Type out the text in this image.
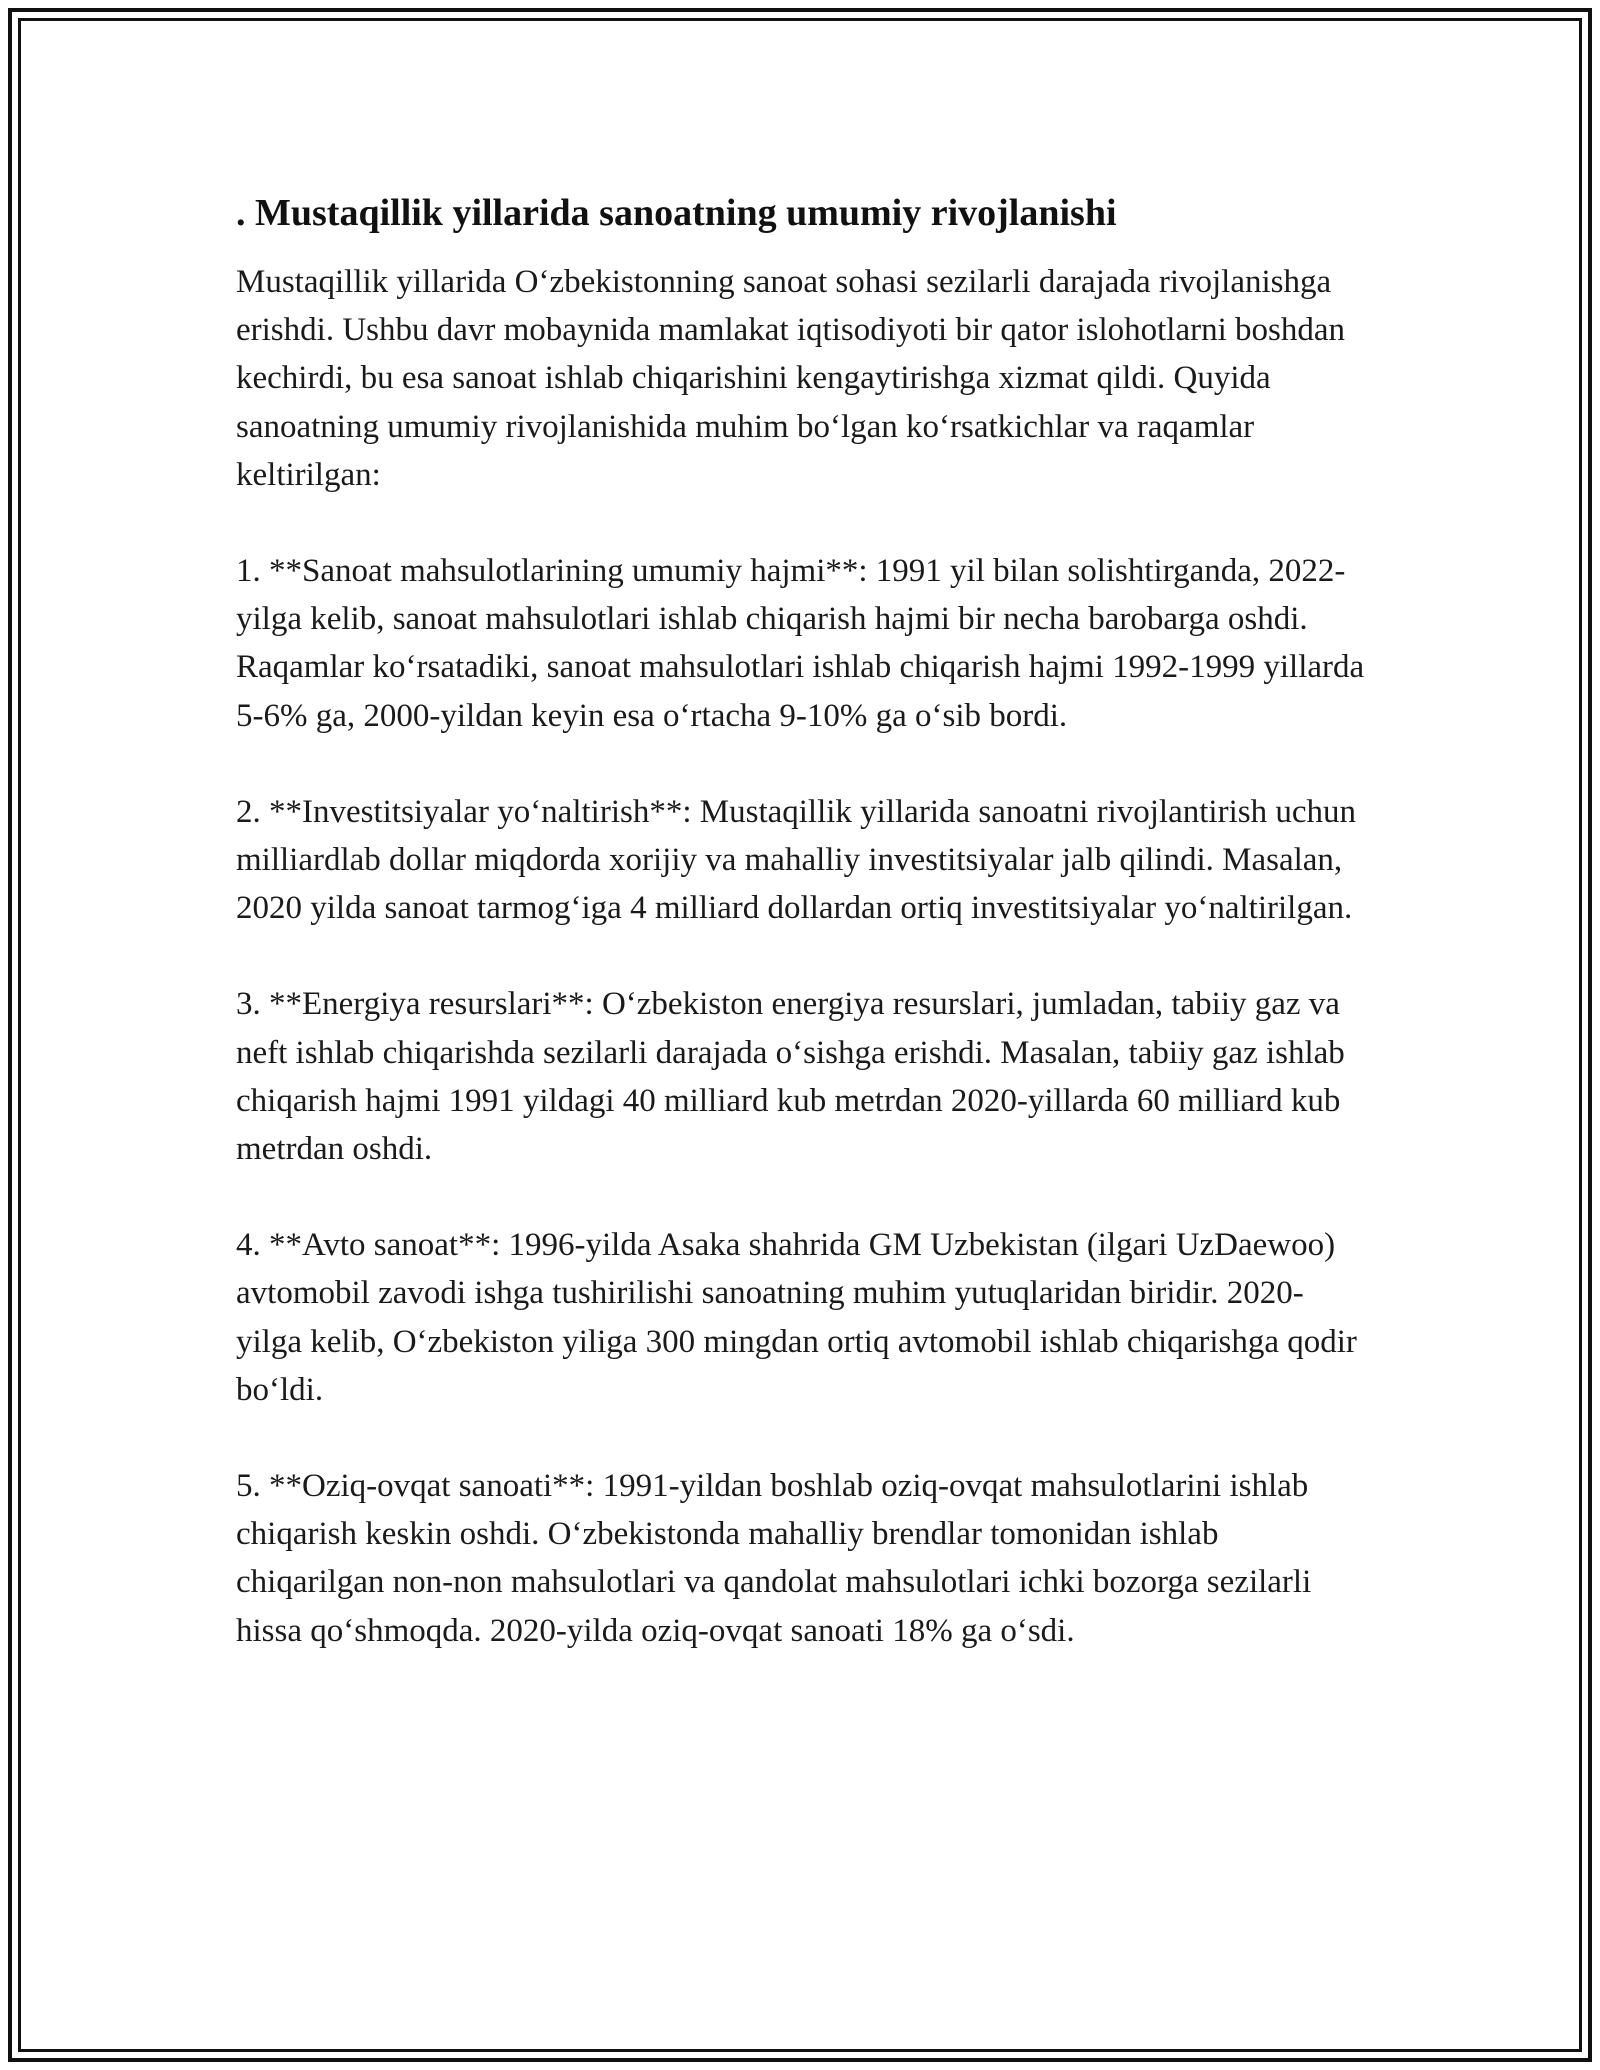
. Mustaqillik yillarida sanoatning umumiy rivojlanishi

Mustaqillik yillarida O‘zbekistonning sanoat sohasi sezilarli darajada rivojlanishga erishdi. Ushbu davr mobaynida mamlakat iqtisodiyoti bir qator islohotlarni boshdan kechirdi, bu esa sanoat ishlab chiqarishini kengaytirishga xizmat qildi. Quyida sanoatning umumiy rivojlanishida muhim bo‘lgan ko‘rsatkichlar va raqamlar keltirilgan:

1. **Sanoat mahsulotlarining umumiy hajmi**: 1991 yil bilan solishtirganda, 2022-yilga kelib, sanoat mahsulotlari ishlab chiqarish hajmi bir necha barobarga oshdi. Raqamlar ko‘rsatadiki, sanoat mahsulotlari ishlab chiqarish hajmi 1992-1999 yillarda 5-6% ga, 2000-yildan keyin esa o‘rtacha 9-10% ga o‘sib bordi.

2. **Investitsiyalar yo‘naltirish**: Mustaqillik yillarida sanoatni rivojlantirish uchun milliardlab dollar miqdorda xorijiy va mahalliy investitsiyalar jalb qilindi. Masalan, 2020 yilda sanoat tarmog‘iga 4 milliard dollardan ortiq investitsiyalar yo‘naltirilgan.

3. **Energiya resurslari**: O‘zbekiston energiya resurslari, jumladan, tabiiy gaz va neft ishlab chiqarishda sezilarli darajada o‘sishga erishdi. Masalan, tabiiy gaz ishlab chiqarish hajmi 1991 yildagi 40 milliard kub metrdan 2020-yillarda 60 milliard kub metrdan oshdi.

4. **Avto sanoat**: 1996-yilda Asaka shahrida GM Uzbekistan (ilgari UzDaewoo) avtomobil zavodi ishga tushirilishi sanoatning muhim yutuqlaridan biridir. 2020-yilga kelib, O‘zbekiston yiliga 300 mingdan ortiq avtomobil ishlab chiqarishga qodir bo‘ldi.

5. **Oziq-ovqat sanoati**: 1991-yildan boshlab oziq-ovqat mahsulotlarini ishlab chiqarish keskin oshdi. O‘zbekistonda mahalliy brendlar tomonidan ishlab chiqarilgan non-non mahsulotlari va qandolat mahsulotlari ichki bozorga sezilarli hissa qo‘shmoqda. 2020-yilda oziq-ovqat sanoati 18% ga o‘sdi.
